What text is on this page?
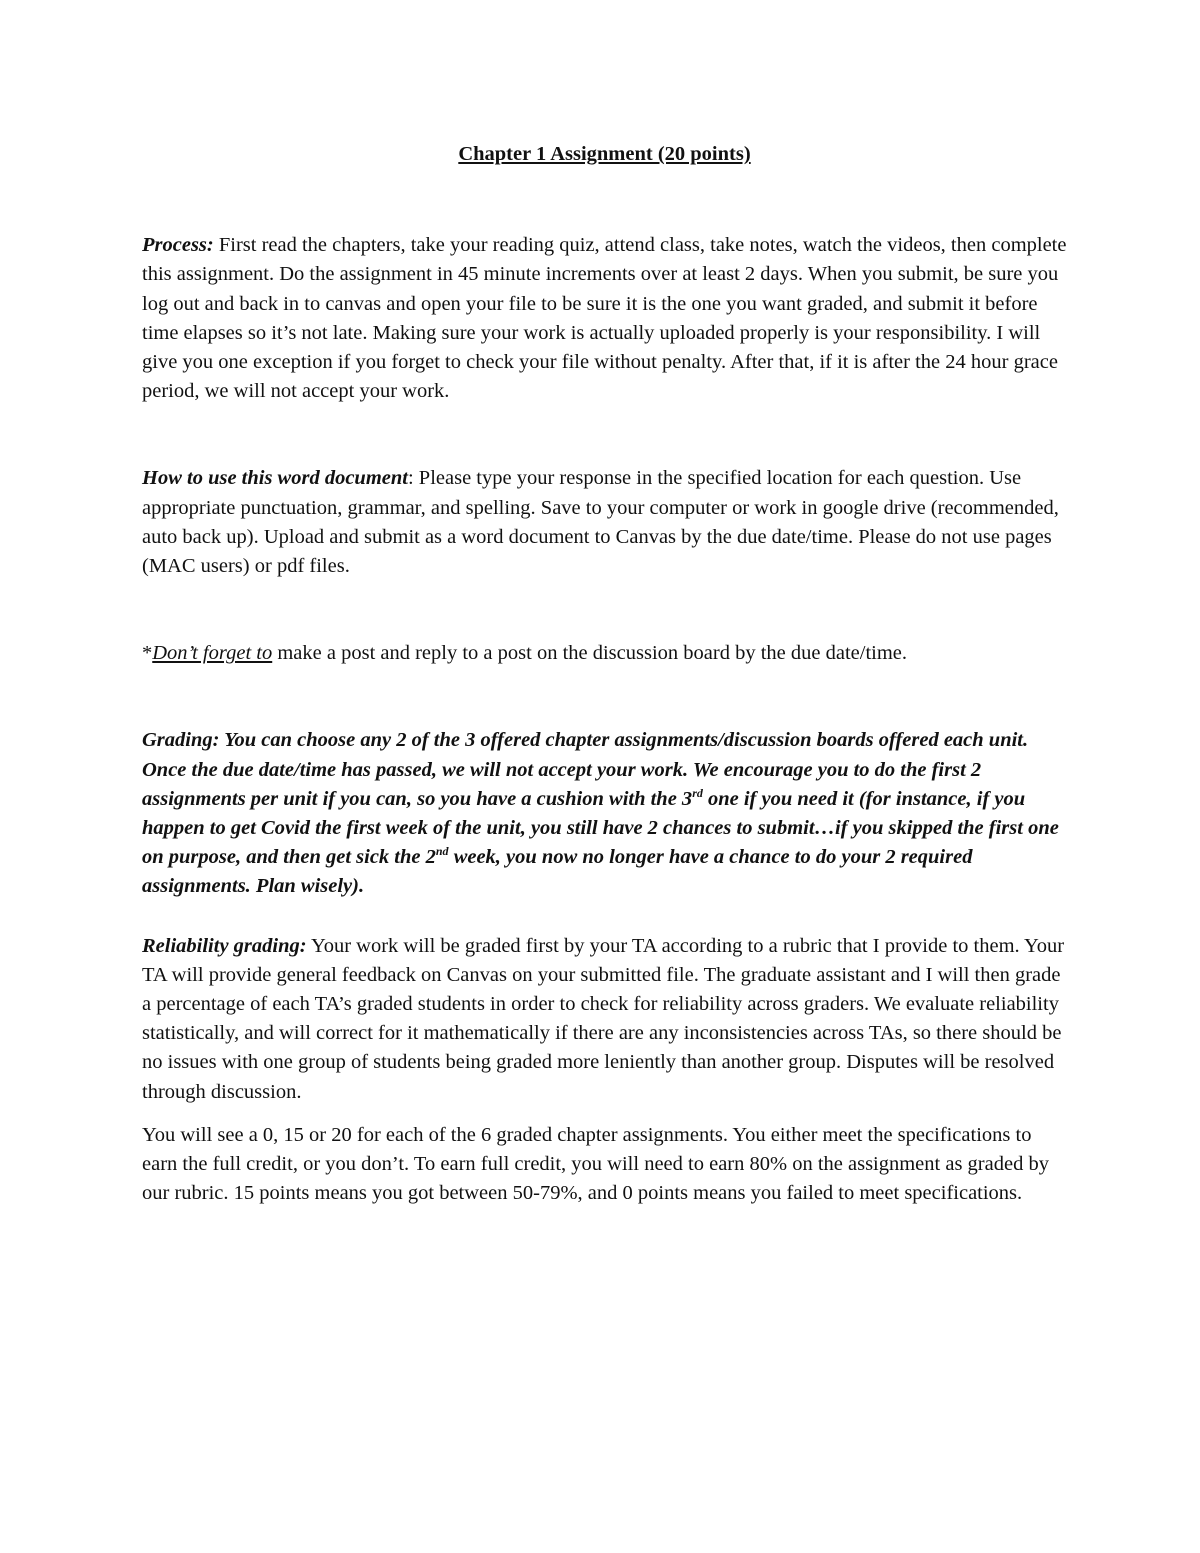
Chapter 1 Assignment (20 points)

Process: First read the chapters, take your reading quiz, attend class, take notes, watch the videos, then complete this assignment. Do the assignment in 45 minute increments over at least 2 days. When you submit, be sure you log out and back in to canvas and open your file to be sure it is the one you want graded, and submit it before time elapses so it’s not late. Making sure your work is actually uploaded properly is your responsibility. I will give you one exception if you forget to check your file without penalty. After that, if it is after the 24 hour grace period, we will not accept your work.

How to use this word document: Please type your response in the specified location for each question. Use appropriate punctuation, grammar, and spelling. Save to your computer or work in google drive (recommended, auto back up). Upload and submit as a word document to Canvas by the due date/time. Please do not use pages (MAC users) or pdf files.

*Don’t forget to make a post and reply to a post on the discussion board by the due date/time.

Grading: You can choose any 2 of the 3 offered chapter assignments/discussion boards offered each unit. Once the due date/time has passed, we will not accept your work. We encourage you to do the first 2 assignments per unit if you can, so you have a cushion with the 3rd one if you need it (for instance, if you happen to get Covid the first week of the unit, you still have 2 chances to submit…if you skipped the first one on purpose, and then get sick the 2nd week, you now no longer have a chance to do your 2 required assignments. Plan wisely).

Reliability grading: Your work will be graded first by your TA according to a rubric that I provide to them. Your TA will provide general feedback on Canvas on your submitted file. The graduate assistant and I will then grade a percentage of each TA’s graded students in order to check for reliability across graders. We evaluate reliability statistically, and will correct for it mathematically if there are any inconsistencies across TAs, so there should be no issues with one group of students being graded more leniently than another group. Disputes will be resolved through discussion.

You will see a 0, 15 or 20 for each of the 6 graded chapter assignments. You either meet the specifications to earn the full credit, or you don’t. To earn full credit, you will need to earn 80% on the assignment as graded by our rubric. 15 points means you got between 50-79%, and 0 points means you failed to meet specifications.
